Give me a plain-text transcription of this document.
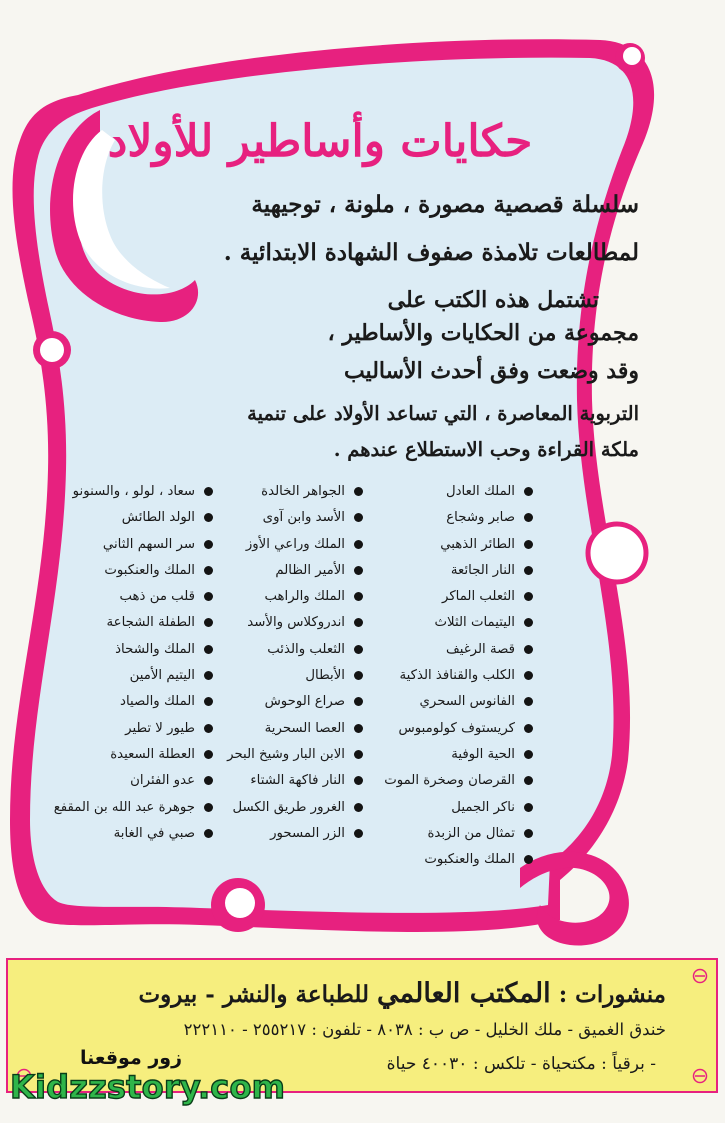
حكايات وأساطير للأولاد
سلسلة قصصية مصورة ، ملونة ، توجيهية
لمطالعات تلامذة صفوف الشهادة الابتدائية .
تشتمل هذه الكتب على
مجموعة من الحكايات والأساطير ،
وقد وضعت وفق أحدث الأساليب
التربوية المعاصرة ، التي تساعد الأولاد على تنمية
ملكة القراءة وحب الاستطلاع عندهم .
الملك العادل
صابر وشجاع
الطائر الذهبي
النار الجائعة
الثعلب الماكر
اليتيمات الثلاث
قصة الرغيف
الكلب والقنافذ الذكية
الفانوس السحري
كريستوف كولومبوس
الحية الوفية
القرصان وصخرة الموت
ناكر الجميل
تمثال من الزبدة
الملك والعنكبوت
الجواهر الخالدة
الأسد وابن آوى
الملك وراعي الأوز
الأمير الظالم
الملك والراهب
اندروكلاس والأسد
الثعلب والذئب
الأبطال
صراع الوحوش
العصا السحرية
الابن البار وشيخ البحر
النار فاكهة الشتاء
الغرور طريق الكسل
الزر المسحور
سعاد ، لولو ، والسنونو
الولد الطائش
سر السهم الثاني
الملك والعنكبوت
قلب من ذهب
الطفلة الشجاعة
الملك والشحاذ
اليتيم الأمين
الملك والصياد
طيور لا تطير
العطلة السعيدة
عدو الفئران
جوهرة عبد الله بن المقفع
صبي في الغابة
منشورات : المكتب العالمي للطباعة والنشر - بيروت
خندق الغميق - ملك الخليل - ص ب : ٨٠٣٨ - تلفون : ٢٥٥٢١٧ - ٢٢٢١١٠
- برقياً : مكتحياة - تلكس : ٤٠٠٣٠ حياة
زور موقعنا
Kidzzstory.com
